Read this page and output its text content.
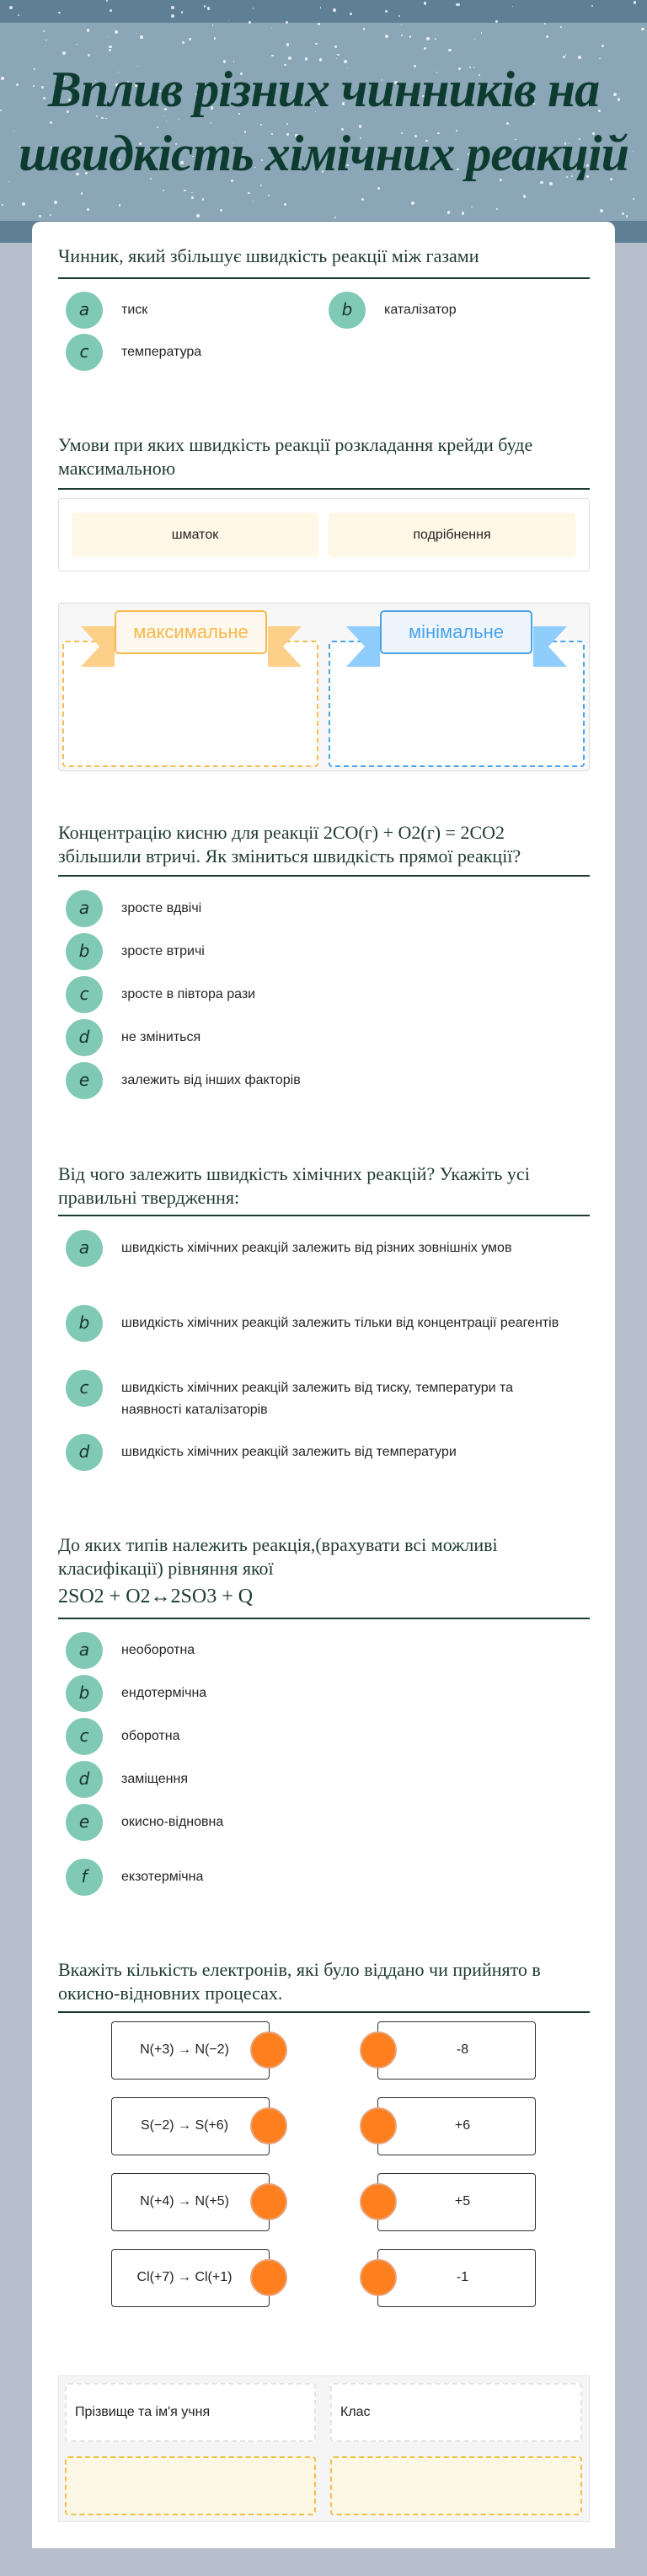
Вплив різних чинників на
швидкість хімічних реакцій
Чинник, який збільшує швидкість реакції між газами
a	тиск	b	каталізатор
c	температура
Умови при яких швидкість реакції розкладання крейди буде максимальною
шматок	подрібнення
максимальне	мінімальне
Концентрацію кисню для реакції 2CO(г) + O2(г) = 2CO2 збільшили втричі. Як зміниться швидкість прямої реакції?
a	зросте вдвічі
b	зросте втричі
c	зросте в півтора рази
d	не зміниться
e	залежить від інших факторів
Від чого залежить швидкість хімічних реакцій? Укажіть усі правильні твердження:
a	швидкість хімічних реакцій залежить від різних зовнішніх умов
b	швидкість хімічних реакцій залежить тільки від концентрації реагентів
c	швидкість хімічних реакцій залежить від тиску, температури та наявності каталізаторів
d	швидкість хімічних реакцій залежить від температури
До яких типів належить реакція,(врахувати всі можливі класифікації) рівняння якої
2SO2 + O2↔2SO3 + Q
a	необоротна
b	ендотермічна
c	оборотна
d	заміщення
e	окисно-відновна
f	екзотермічна
Вкажіть кількість електронів, які було віддано чи прийнято в окисно-відновних процесах.
N(+3) → N(−2)	-8
S(−2) → S(+6)	+6
N(+4) → N(+5)	+5
Cl(+7) → Cl(+1)	-1
Прізвище та ім'я учня	Клас
